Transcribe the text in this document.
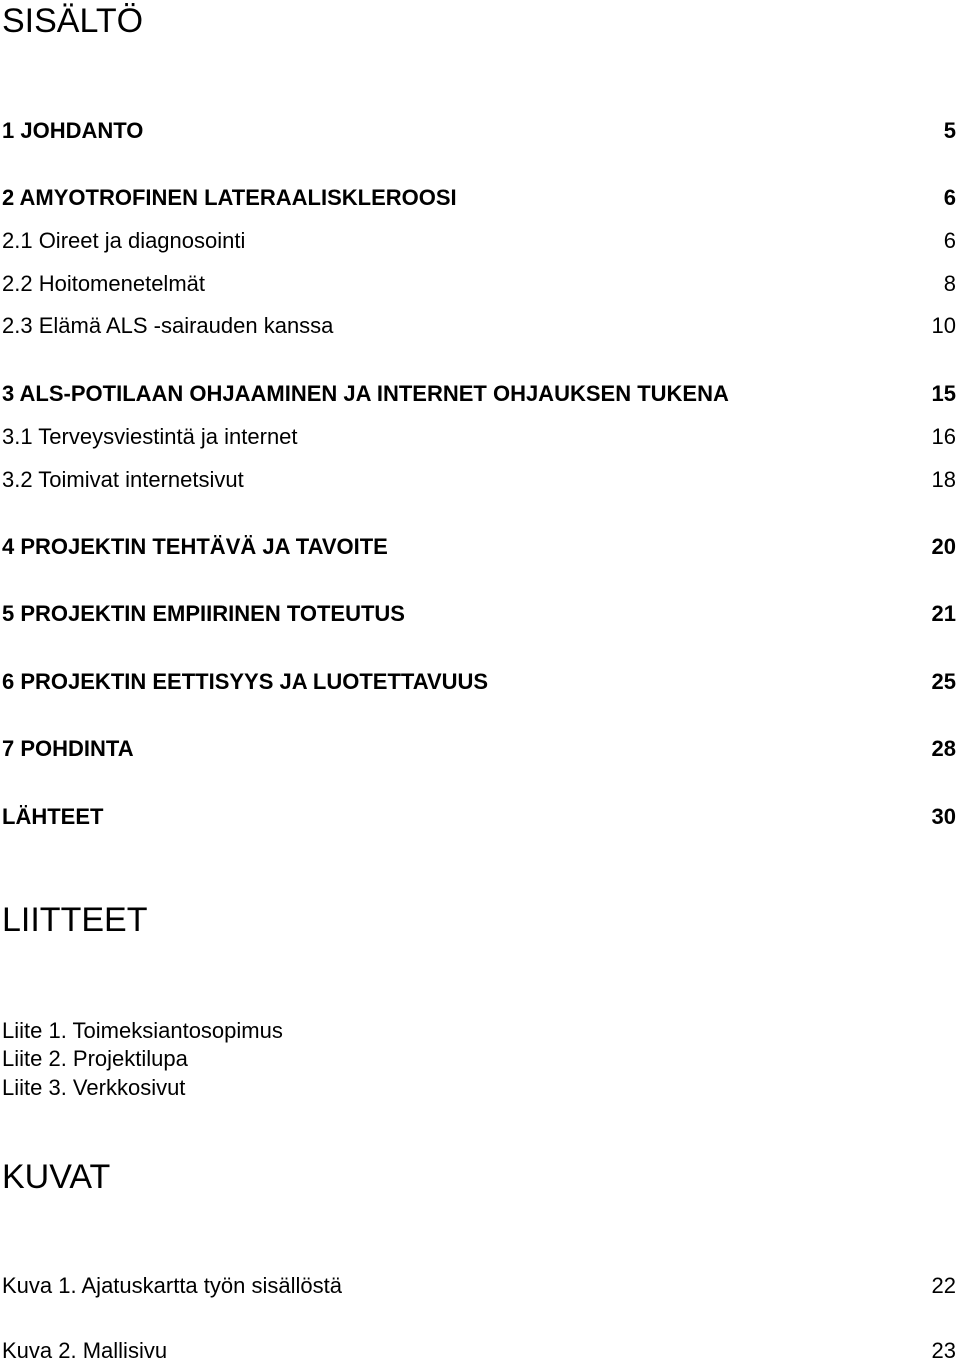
SISÄLTÖ
1 JOHDANTO	5
2 AMYOTROFINEN LATERAALISKLEROOSI	6
2.1 Oireet ja diagnosointi	6
2.2 Hoitomenetelmät	8
2.3 Elämä ALS -sairauden kanssa	10
3 ALS-POTILAAN OHJAAMINEN JA INTERNET OHJAUKSEN TUKENA	15
3.1 Terveysviestintä ja internet	16
3.2 Toimivat internetsivut	18
4 PROJEKTIN TEHTÄVÄ JA TAVOITE	20
5 PROJEKTIN EMPIIRINEN TOTEUTUS	21
6 PROJEKTIN EETTISYYS JA LUOTETTAVUUS	25
7 POHDINTA	28
LÄHTEET	30
LIITTEET
Liite 1. Toimeksiantosopimus
Liite 2. Projektilupa
Liite 3. Verkkosivut
KUVAT
Kuva 1. Ajatuskartta työn sisällöstä	22
Kuva 2. Mallisivu	23
